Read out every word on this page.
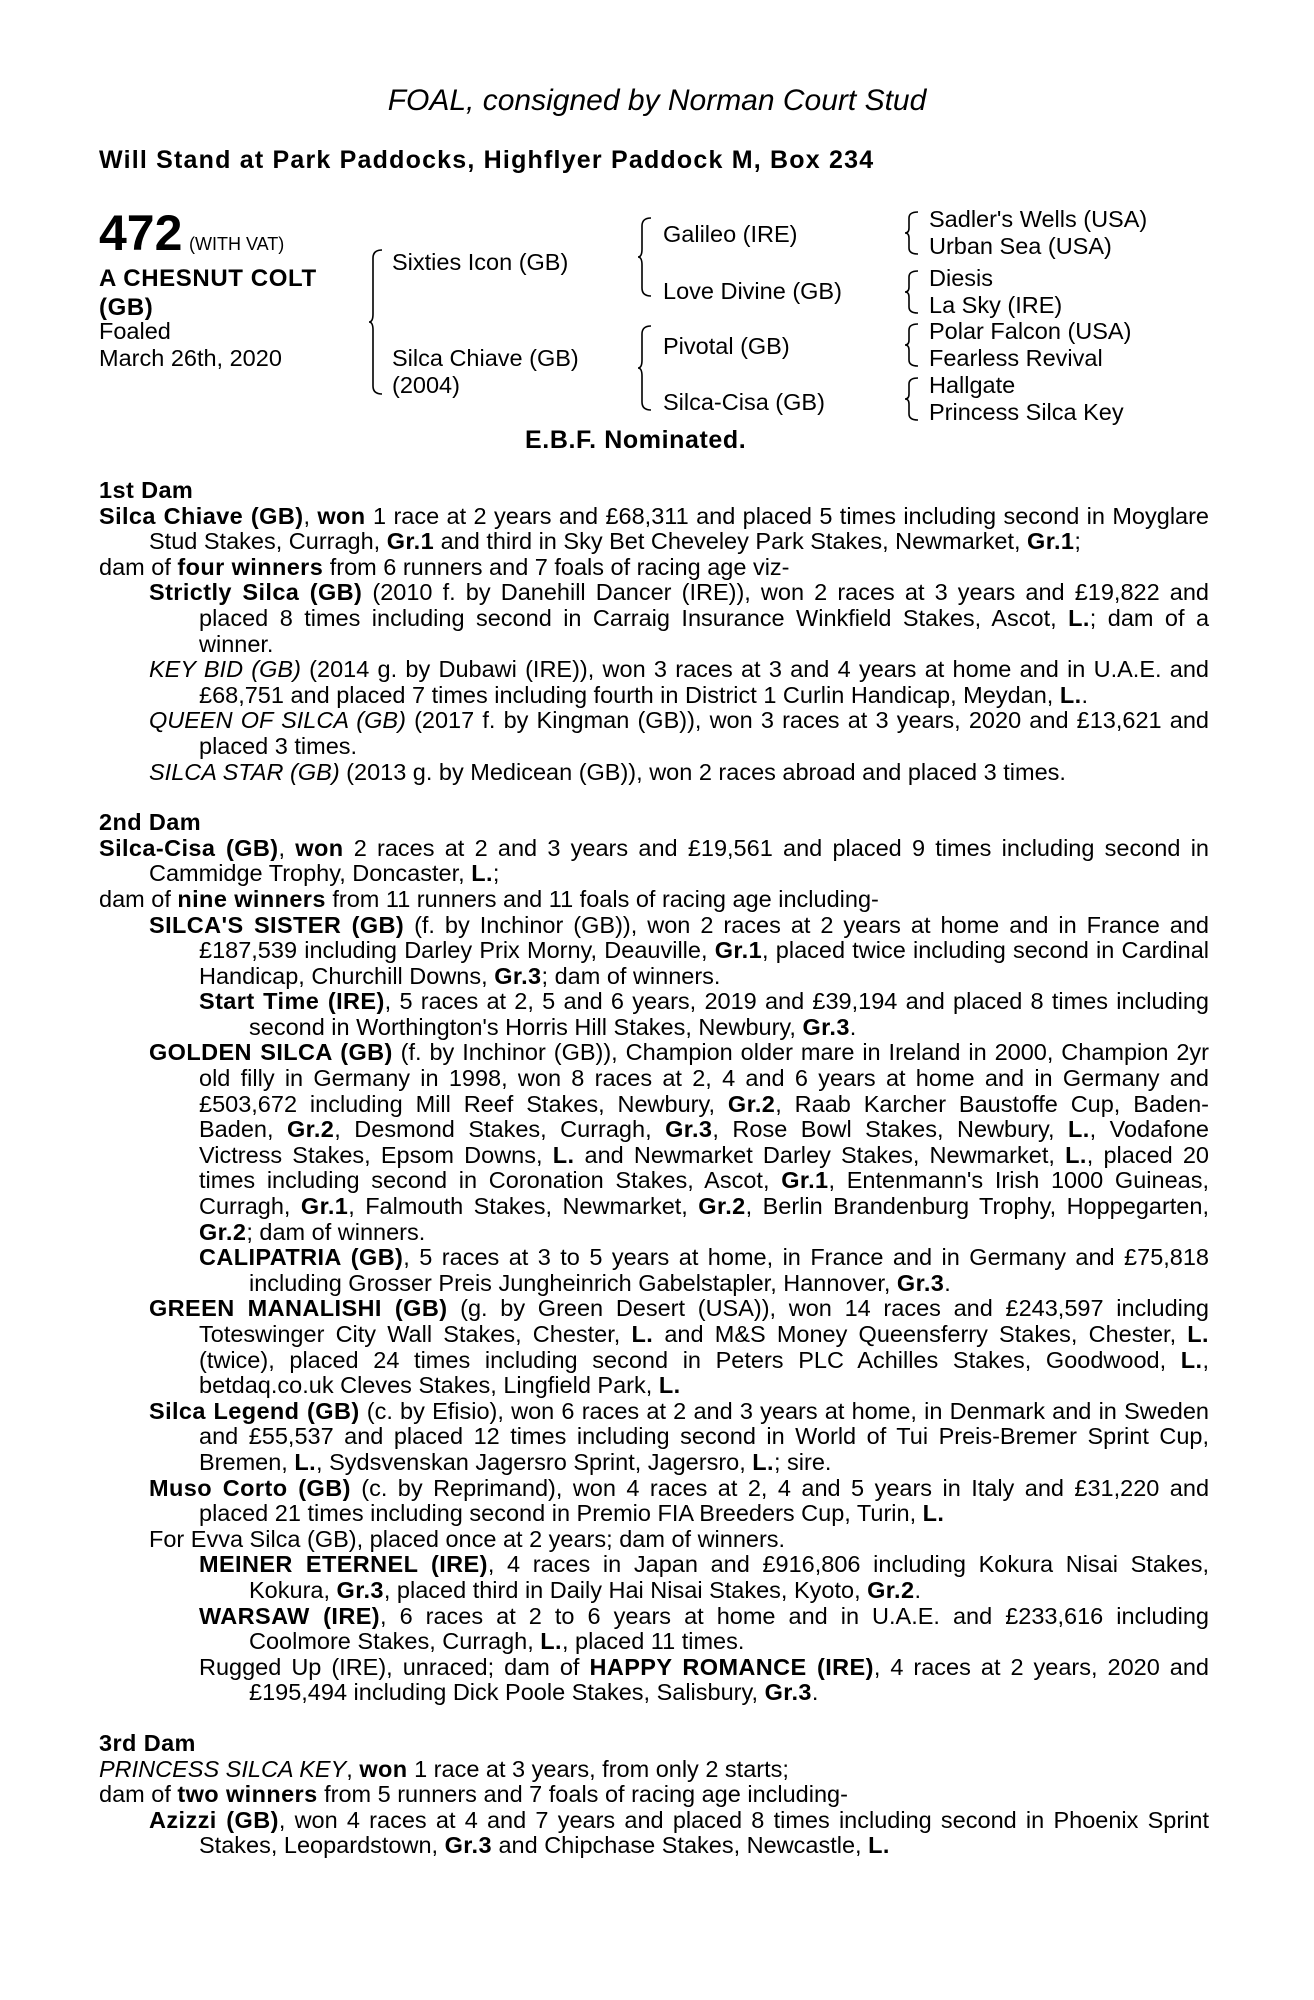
FOAL, consigned by Norman Court Stud
Will Stand at Park Paddocks, Highflyer Paddock M, Box 234
472 (WITH VAT)
A CHESNUT COLT
(GB)
Foaled
March 26th, 2020
Sixties Icon (GB)
Silca Chiave (GB)
(2004)
Galileo (IRE)
Love Divine (GB)
Pivotal (GB)
Silca-Cisa (GB)
Sadler's Wells (USA)
Urban Sea (USA)
Diesis
La Sky (IRE)
Polar Falcon (USA)
Fearless Revival
Hallgate
Princess Silca Key
E.B.F. Nominated.
1st Dam
Silca Chiave (GB), won 1 race at 2 years and £68,311 and placed 5 times including second in Moyglare Stud Stakes, Curragh, Gr.1 and third in Sky Bet Cheveley Park Stakes, Newmarket, Gr.1;
dam of four winners from 6 runners and 7 foals of racing age viz-
Strictly Silca (GB) (2010 f. by Danehill Dancer (IRE)), won 2 races at 3 years and £19,822 and placed 8 times including second in Carraig Insurance Winkfield Stakes, Ascot, L.; dam of a winner.
KEY BID (GB) (2014 g. by Dubawi (IRE)), won 3 races at 3 and 4 years at home and in U.A.E. and £68,751 and placed 7 times including fourth in District 1 Curlin Handicap, Meydan, L..
QUEEN OF SILCA (GB) (2017 f. by Kingman (GB)), won 3 races at 3 years, 2020 and £13,621 and placed 3 times.
SILCA STAR (GB) (2013 g. by Medicean (GB)), won 2 races abroad and placed 3 times.
2nd Dam
Silca-Cisa (GB), won 2 races at 2 and 3 years and £19,561 and placed 9 times including second in Cammidge Trophy, Doncaster, L.;
dam of nine winners from 11 runners and 11 foals of racing age including-
SILCA'S SISTER (GB) (f. by Inchinor (GB)), won 2 races at 2 years at home and in France and £187,539 including Darley Prix Morny, Deauville, Gr.1, placed twice including second in Cardinal Handicap, Churchill Downs, Gr.3; dam of winners.
Start Time (IRE), 5 races at 2, 5 and 6 years, 2019 and £39,194 and placed 8 times including second in Worthington's Horris Hill Stakes, Newbury, Gr.3.
GOLDEN SILCA (GB) (f. by Inchinor (GB)), Champion older mare in Ireland in 2000, Champion 2yr old filly in Germany in 1998, won 8 races at 2, 4 and 6 years at home and in Germany and £503,672 including Mill Reef Stakes, Newbury, Gr.2, Raab Karcher Baustoffe Cup, Baden-Baden, Gr.2, Desmond Stakes, Curragh, Gr.3, Rose Bowl Stakes, Newbury, L., Vodafone Victress Stakes, Epsom Downs, L. and Newmarket Darley Stakes, Newmarket, L., placed 20 times including second in Coronation Stakes, Ascot, Gr.1, Entenmann's Irish 1000 Guineas, Curragh, Gr.1, Falmouth Stakes, Newmarket, Gr.2, Berlin Brandenburg Trophy, Hoppegarten, Gr.2; dam of winners.
CALIPATRIA (GB), 5 races at 3 to 5 years at home, in France and in Germany and £75,818 including Grosser Preis Jungheinrich Gabelstapler, Hannover, Gr.3.
GREEN MANALISHI (GB) (g. by Green Desert (USA)), won 14 races and £243,597 including Toteswinger City Wall Stakes, Chester, L. and M&S Money Queensferry Stakes, Chester, L. (twice), placed 24 times including second in Peters PLC Achilles Stakes, Goodwood, L., betdaq.co.uk Cleves Stakes, Lingfield Park, L.
Silca Legend (GB) (c. by Efisio), won 6 races at 2 and 3 years at home, in Denmark and in Sweden and £55,537 and placed 12 times including second in World of Tui Preis-Bremer Sprint Cup, Bremen, L., Sydsvenskan Jagersro Sprint, Jagersro, L.; sire.
Muso Corto (GB) (c. by Reprimand), won 4 races at 2, 4 and 5 years in Italy and £31,220 and placed 21 times including second in Premio FIA Breeders Cup, Turin, L.
For Evva Silca (GB), placed once at 2 years; dam of winners.
MEINER ETERNEL (IRE), 4 races in Japan and £916,806 including Kokura Nisai Stakes, Kokura, Gr.3, placed third in Daily Hai Nisai Stakes, Kyoto, Gr.2.
WARSAW (IRE), 6 races at 2 to 6 years at home and in U.A.E. and £233,616 including Coolmore Stakes, Curragh, L., placed 11 times.
Rugged Up (IRE), unraced; dam of HAPPY ROMANCE (IRE), 4 races at 2 years, 2020 and £195,494 including Dick Poole Stakes, Salisbury, Gr.3.
3rd Dam
PRINCESS SILCA KEY, won 1 race at 3 years, from only 2 starts;
dam of two winners from 5 runners and 7 foals of racing age including-
Azizzi (GB), won 4 races at 4 and 7 years and placed 8 times including second in Phoenix Sprint Stakes, Leopardstown, Gr.3 and Chipchase Stakes, Newcastle, L.
